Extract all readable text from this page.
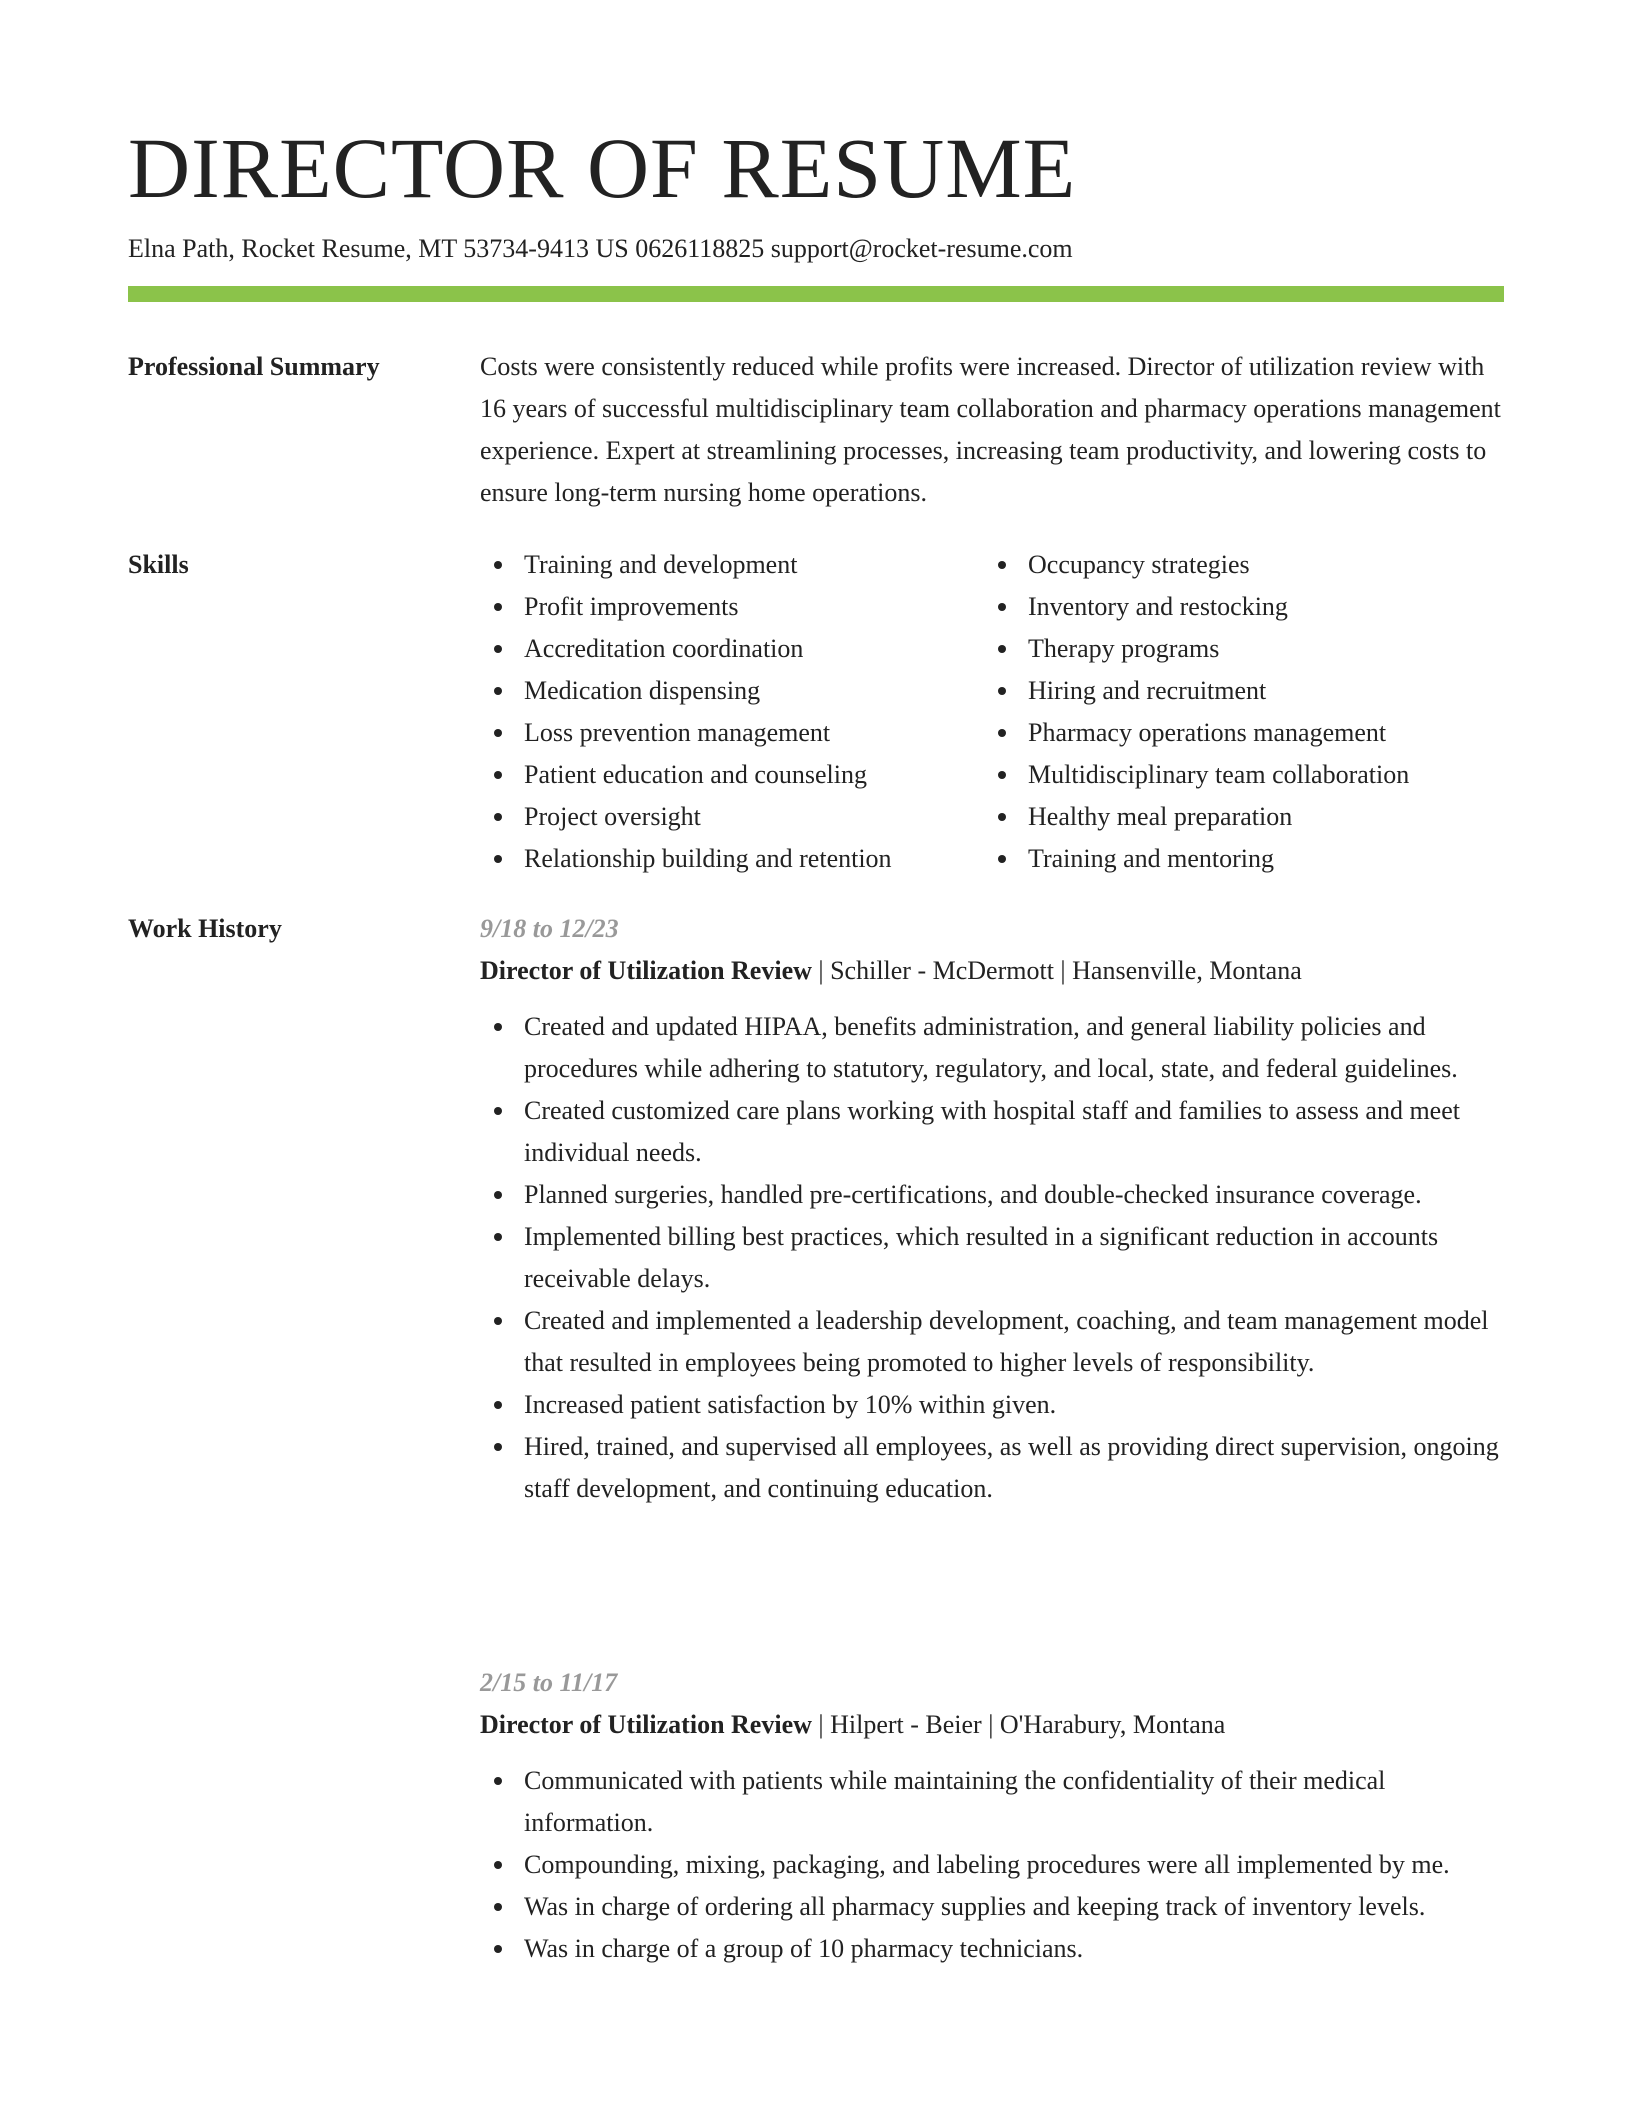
DIRECTOR OF RESUME
Elna Path, Rocket Resume, MT 53734-9413 US 0626118825 support@rocket-resume.com
Professional Summary	Costs were consistently reduced while profits were increased. Director of utilization review with 16 years of successful multidisciplinary team collaboration and pharmacy operations management experience. Expert at streamlining processes, increasing team productivity, and lowering costs to ensure long-term nursing home operations.
Skills	Training and development
Profit improvements
Accreditation coordination
Medication dispensing
Loss prevention management
Patient education and counseling
Project oversight
Relationship building and retention
Occupancy strategies
Inventory and restocking
Therapy programs
Hiring and recruitment
Pharmacy operations management
Multidisciplinary team collaboration
Healthy meal preparation
Training and mentoring
Work History	9/18 to 12/23
Director of Utilization Review | Schiller - McDermott | Hansenville, Montana
Created and updated HIPAA, benefits administration, and general liability policies and procedures while adhering to statutory, regulatory, and local, state, and federal guidelines.
Created customized care plans working with hospital staff and families to assess and meet individual needs.
Planned surgeries, handled pre-certifications, and double-checked insurance coverage.
Implemented billing best practices, which resulted in a significant reduction in accounts receivable delays.
Created and implemented a leadership development, coaching, and team management model that resulted in employees being promoted to higher levels of responsibility.
Increased patient satisfaction by 10% within given.
Hired, trained, and supervised all employees, as well as providing direct supervision, ongoing staff development, and continuing education.
2/15 to 11/17
Director of Utilization Review | Hilpert - Beier | O'Harabury, Montana
Communicated with patients while maintaining the confidentiality of their medical information.
Compounding, mixing, packaging, and labeling procedures were all implemented by me.
Was in charge of ordering all pharmacy supplies and keeping track of inventory levels.
Was in charge of a group of 10 pharmacy technicians.
